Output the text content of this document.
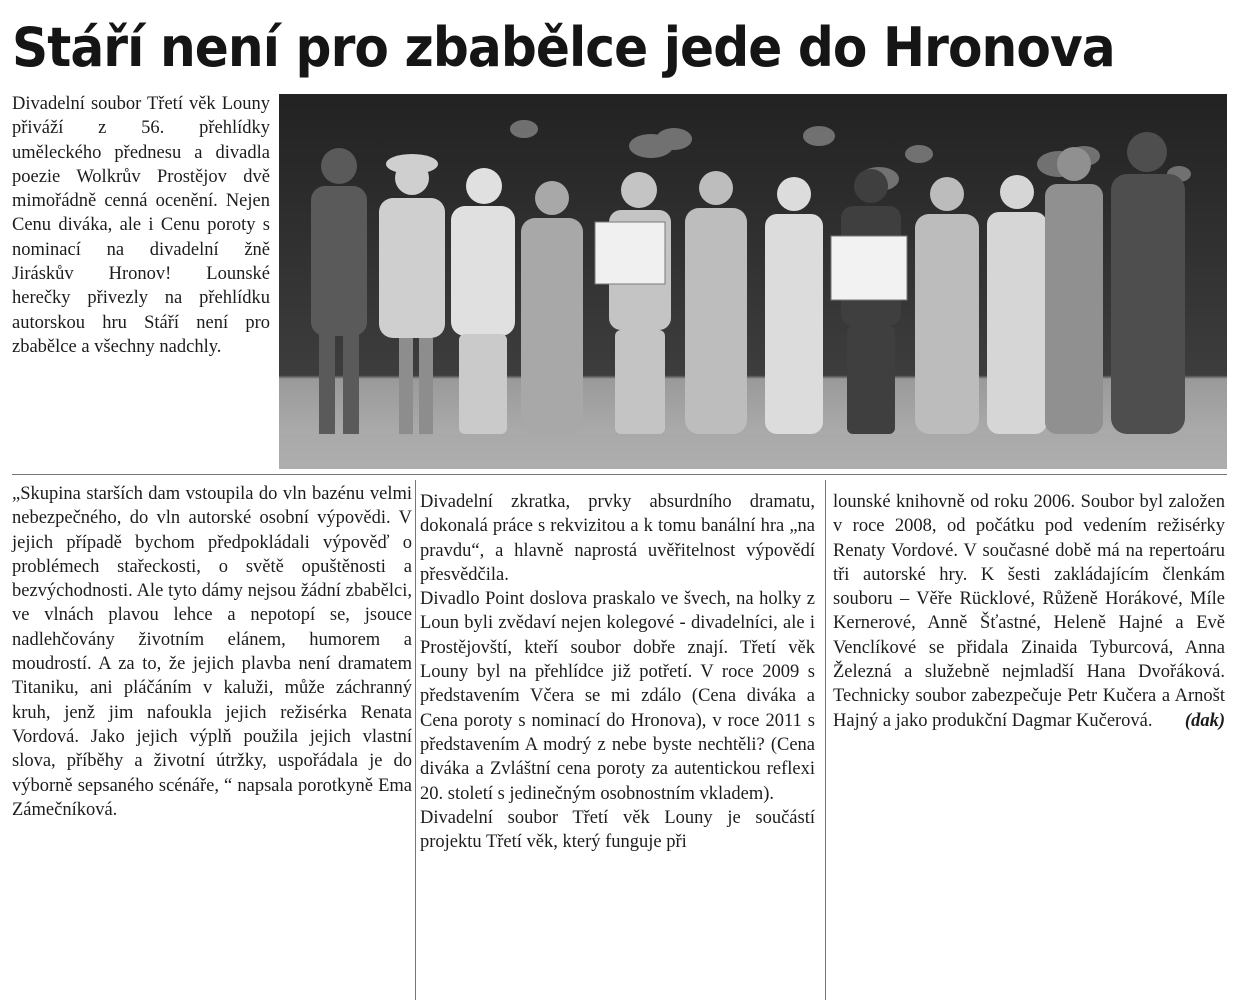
Stáří není pro zbabělce jede do Hronova

Divadelní soubor Třetí věk Louny přiváží z 56. přehlídky uměleckého přednesu a divadla poezie Wolkrův Prostějov dvě mimořádně cenná ocenění. Nejen Cenu diváka, ale i Cenu poroty s nominací na divadelní žně Jiráskův Hronov! Lounské herečky přivezly na přehlídku autorskou hru Stáří není pro zbabělce a všechny nadchly.

„Skupina starších dam vstoupila do vln bazénu velmi nebezpečného, do vln autorské osobní výpovědi. V jejich případě bychom předpokládali výpověď o problémech stařeckosti, o světě opuštěnosti a bezvýchodnosti. Ale tyto dámy nejsou žádní zbabělci, ve vlnách plavou lehce a nepotopí se, jsouce nadlehčovány životním elánem, humorem a moudrostí. A za to, že jejich plavba není dramatem Titaniku, ani pláčáním v kaluži, může záchranný kruh, jenž jim nafoukla jejich režisérka Renata Vordová. Jako jejich výplň použila jejich vlastní slova, příběhy a životní útržky, uspořádala je do výborně sepsaného scénáře, “ napsala porotkyně Ema Zámečníková.

Divadelní zkratka, prvky absurdního dramatu, dokonalá práce s rekvizitou a k tomu banální hra „na pravdu“, a hlavně naprostá uvěřitelnost výpovědí přesvědčila.

Divadlo Point doslova praskalo ve švech, na holky z Loun byli zvědaví nejen kolegové - divadelníci, ale i Prostějovští, kteří soubor dobře znají. Třetí věk Louny byl na přehlídce již potřetí. V roce 2009 s představením Včera se mi zdálo (Cena diváka a Cena poroty s nominací do Hronova), v roce 2011 s představením A modrý z nebe byste nechtěli? (Cena diváka a Zvláštní cena poroty za autentickou reflexi 20. století s jedinečným osobnostním vkladem).

Divadelní soubor Třetí věk Louny je součástí projektu Třetí věk, který funguje při

lounské knihovně od roku 2006. Soubor byl založen v roce 2008, od počátku pod vedením režisérky Renaty Vordové. V současné době má na repertoáru tři autorské hry. K šesti zakládajícím členkám souboru – Věře Rücklové, Růženě Horákové, Míle Kernerové, Anně Šťastné, Heleně Hajné a Evě Venclíkové se přidala Zinaida Tyburcová, Anna Železná a služebně nejmladší Hana Dvořáková. Technicky soubor zabezpečuje Petr Kučera a Arnošt Hajný a jako produkční Dagmar Kučerová. (dak)
